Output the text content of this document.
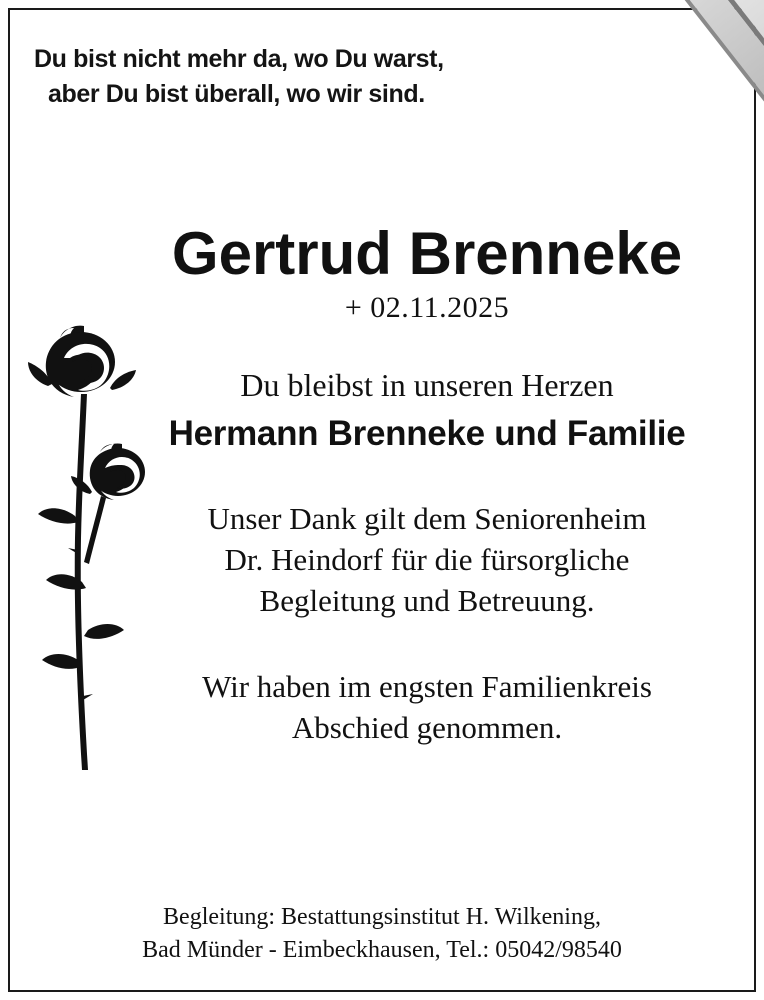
Du bist nicht mehr da, wo Du warst,
aber Du bist überall, wo wir sind.
Gertrud Brenneke
+ 02.11.2025
Du bleibst in unseren Herzen
Hermann Brenneke und Familie
Unser Dank gilt dem Seniorenheim
Dr. Heindorf für die fürsorgliche
Begleitung und Betreuung.
Wir haben im engsten Familienkreis
Abschied genommen.
Begleitung: Bestattungsinstitut H. Wilkening,
Bad Münder - Eimbeckhausen, Tel.: 05042/98540
